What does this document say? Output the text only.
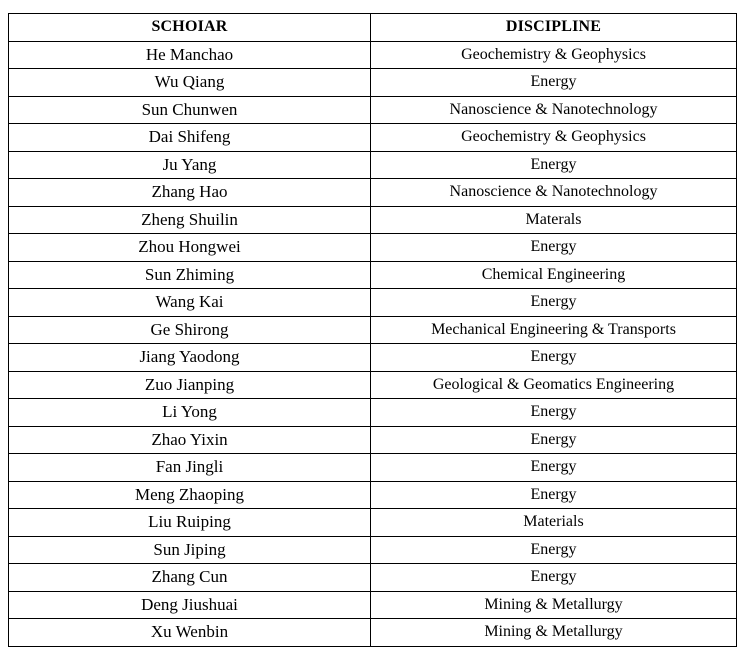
SCHOIAR	DISCIPLINE
He Manchao	Geochemistry & Geophysics
Wu Qiang	Energy
Sun Chunwen	Nanoscience & Nanotechnology
Dai Shifeng	Geochemistry & Geophysics
Ju Yang	Energy
Zhang Hao	Nanoscience & Nanotechnology
Zheng Shuilin	Materals
Zhou Hongwei	Energy
Sun Zhiming	Chemical Engineering
Wang Kai	Energy
Ge Shirong	Mechanical Engineering & Transports
Jiang Yaodong	Energy
Zuo Jianping	Geological & Geomatics Engineering
Li Yong	Energy
Zhao Yixin	Energy
Fan Jingli	Energy
Meng Zhaoping	Energy
Liu Ruiping	Materials
Sun Jiping	Energy
Zhang Cun	Energy
Deng Jiushuai	Mining & Metallurgy
Xu Wenbin	Mining & Metallurgy
